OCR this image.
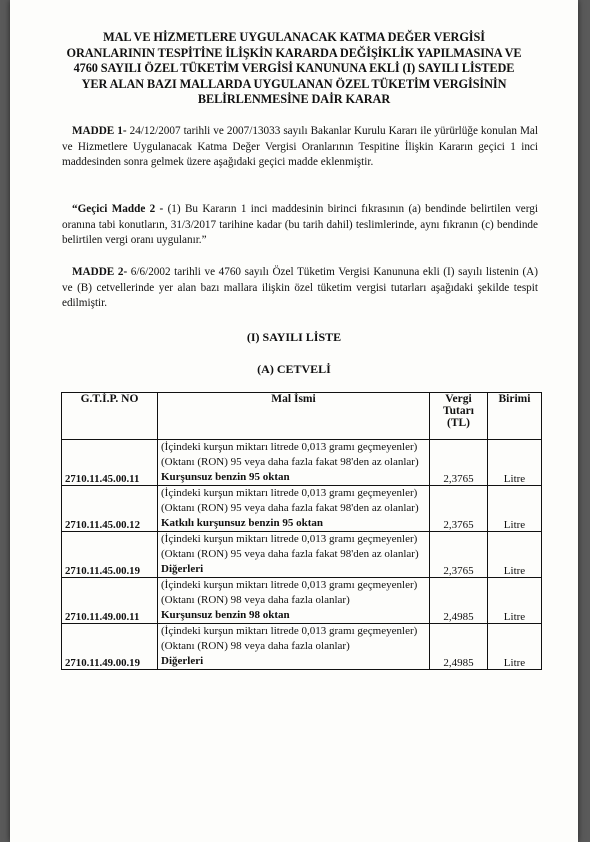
MAL VE HİZMETLERE UYGULANACAK KATMA DEĞER VERGİSİ
ORANLARININ TESPİTİNE İLİŞKİN KARARDA DEĞİŞİKLİK YAPILMASINA VE
4760 SAYILI ÖZEL TÜKETİM VERGİSİ KANUNUNA EKLİ (I) SAYILI LİSTEDE
YER ALAN BAZI MALLARDA UYGULANAN ÖZEL TÜKETİM VERGİSİNİN
BELİRLENMESİNE DAİR KARAR

MADDE 1- 24/12/2007 tarihli ve 2007/13033 sayılı Bakanlar Kurulu Kararı ile yürürlüğe konulan Mal ve Hizmetlere Uygulanacak Katma Değer Vergisi Oranlarının Tespitine İlişkin Kararın geçici 1 inci maddesinden sonra gelmek üzere aşağıdaki geçici madde eklenmiştir.

“Geçici Madde 2 - (1) Bu Kararın 1 inci maddesinin birinci fıkrasının (a) bendinde belirtilen vergi oranına tabi konutların, 31/3/2017 tarihine kadar (bu tarih dahil) teslimlerinde, aynı fıkranın (c) bendinde belirtilen vergi oranı uygulanır.”

MADDE 2- 6/6/2002 tarihli ve 4760 sayılı Özel Tüketim Vergisi Kanununa ekli (I) sayılı listenin (A) ve (B) cetvellerinde yer alan bazı mallara ilişkin özel tüketim vergisi tutarları aşağıdaki şekilde tespit edilmiştir.

(I) SAYILI LİSTE
(A) CETVELİ
G.T.İ.P. NO	Mal İsmi	Vergi Tutarı (TL)	Birimi
2710.11.45.00.11	(İçindeki kurşun miktarı litrede 0,013 gramı geçmeyenler)
(Oktanı (RON) 95 veya daha fazla fakat 98'den az olanlar)
Kurşunsuz benzin 95 oktan	2,3765	Litre
2710.11.45.00.12	(İçindeki kurşun miktarı litrede 0,013 gramı geçmeyenler)
(Oktanı (RON) 95 veya daha fazla fakat 98'den az olanlar)
Katkılı kurşunsuz benzin 95 oktan	2,3765	Litre
2710.11.45.00.19	(İçindeki kurşun miktarı litrede 0,013 gramı geçmeyenler)
(Oktanı (RON) 95 veya daha fazla fakat 98'den az olanlar)
Diğerleri	2,3765	Litre
2710.11.49.00.11	(İçindeki kurşun miktarı litrede 0,013 gramı geçmeyenler)
(Oktanı (RON) 98 veya daha fazla olanlar)
Kurşunsuz benzin 98 oktan	2,4985	Litre
2710.11.49.00.19	(İçindeki kurşun miktarı litrede 0,013 gramı geçmeyenler)
(Oktanı (RON) 98 veya daha fazla olanlar)
Diğerleri	2,4985	Litre
